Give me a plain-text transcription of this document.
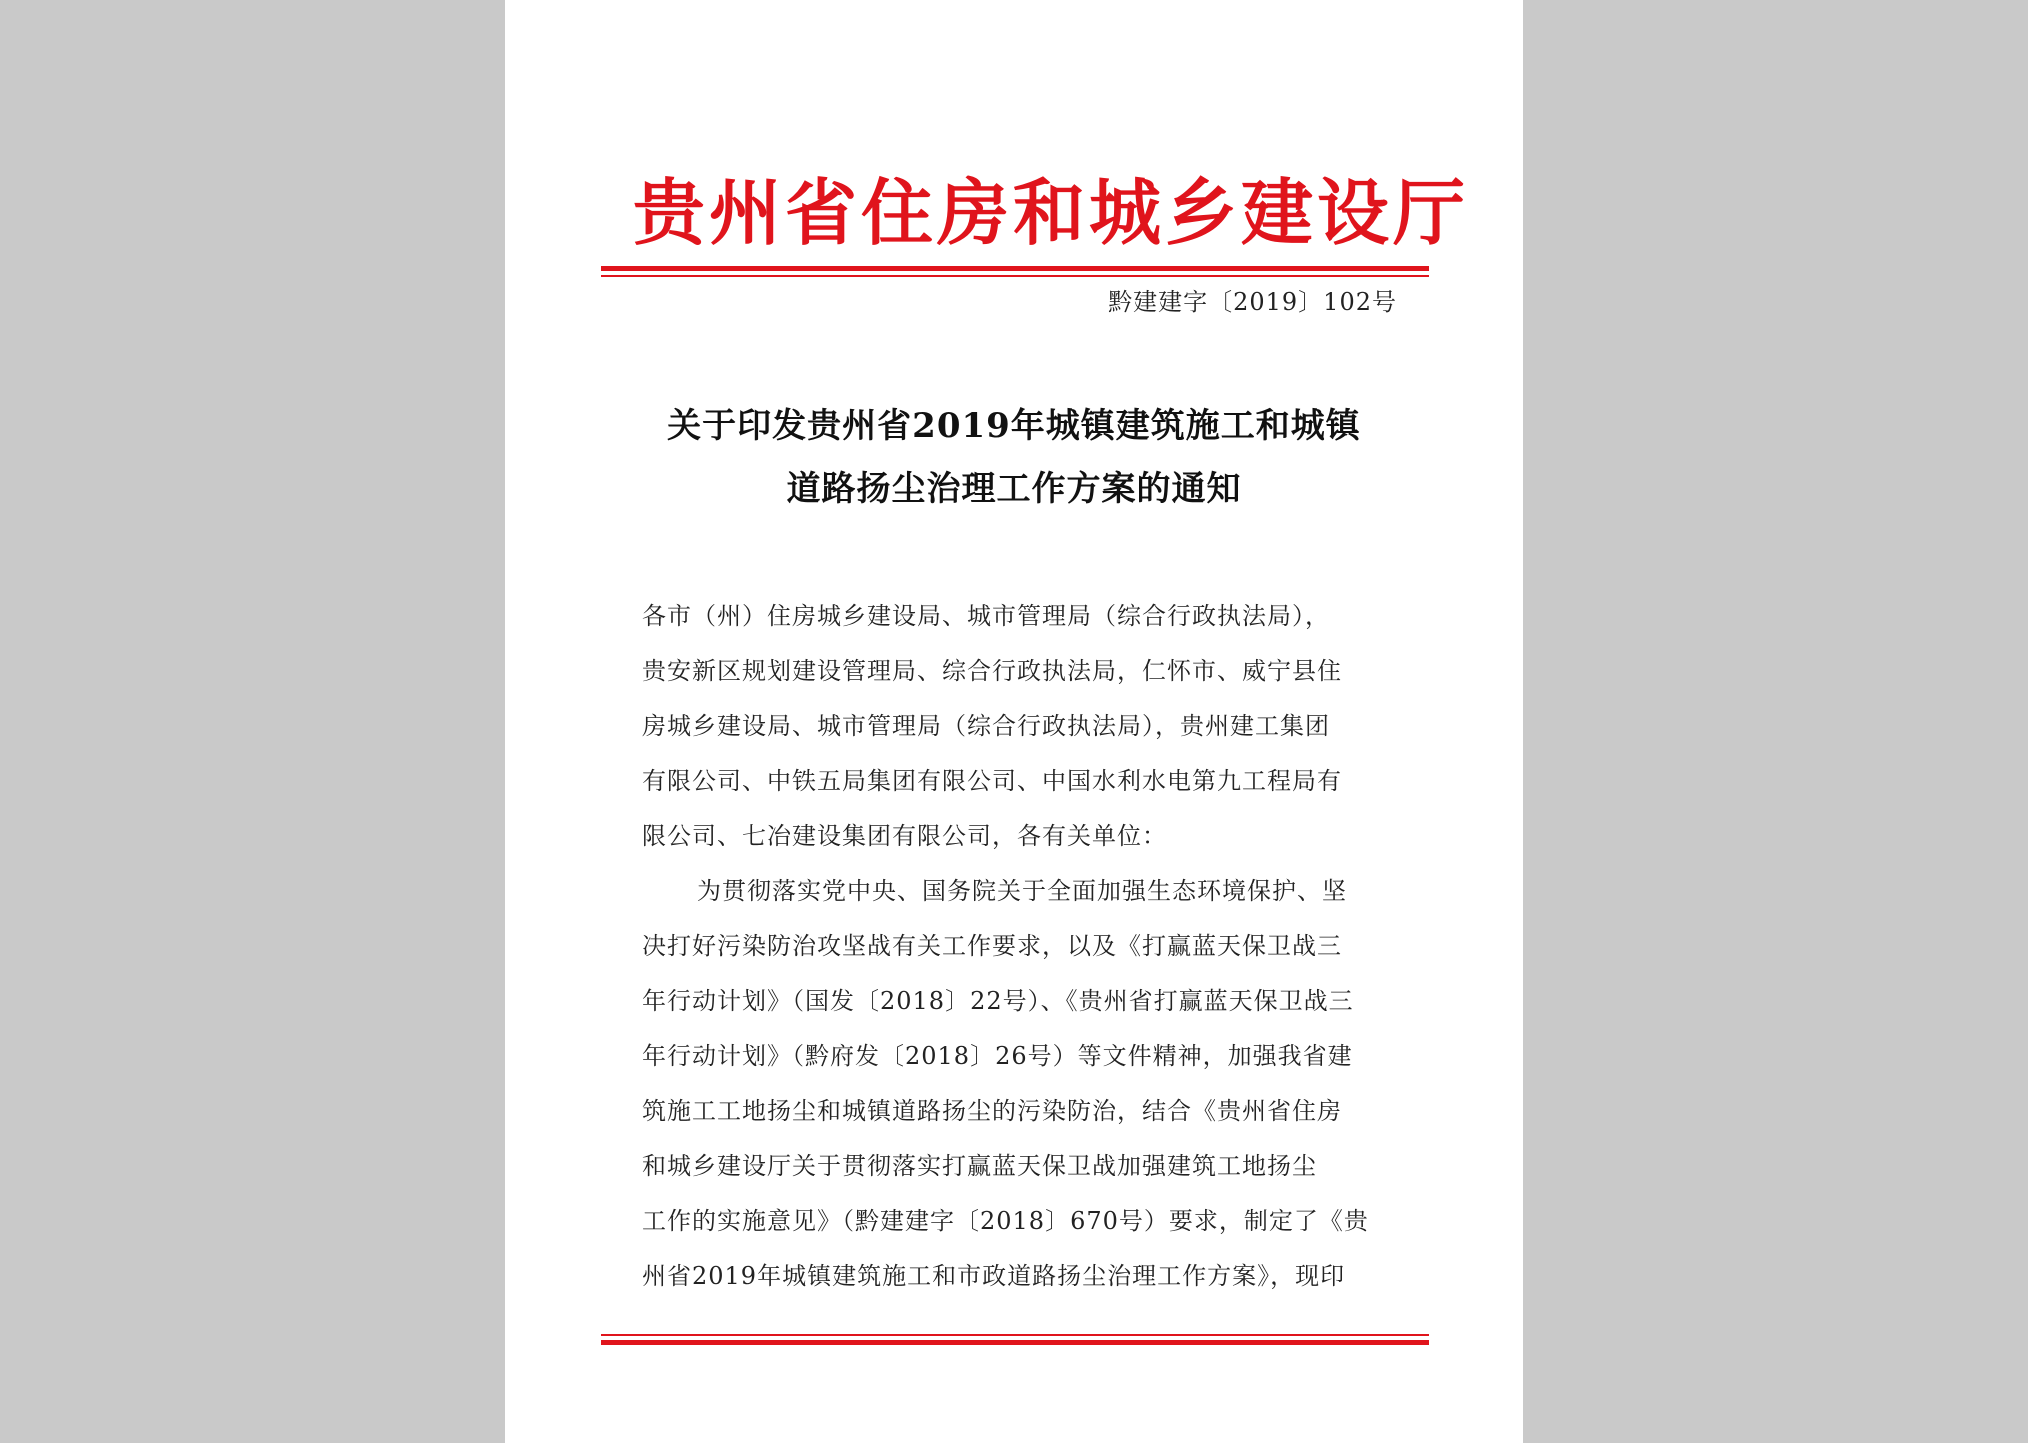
贵州省住房和城乡建设厅
黔建建字〔2019〕102号
关于印发贵州省2019年城镇建筑施工和城镇
道路扬尘治理工作方案的通知
各市（州）住房城乡建设局、城市管理局（综合行政执法局），
贵安新区规划建设管理局、综合行政执法局，仁怀市、威宁县住
房城乡建设局、城市管理局（综合行政执法局），贵州建工集团
有限公司、中铁五局集团有限公司、中国水利水电第九工程局有
限公司、七冶建设集团有限公司，各有关单位：
为贯彻落实党中央、国务院关于全面加强生态环境保护、坚
决打好污染防治攻坚战有关工作要求，以及《打赢蓝天保卫战三
年行动计划》（国发〔2018〕22号）、《贵州省打赢蓝天保卫战三
年行动计划》（黔府发〔2018〕26号）等文件精神，加强我省建
筑施工工地扬尘和城镇道路扬尘的污染防治，结合《贵州省住房
和城乡建设厅关于贯彻落实打赢蓝天保卫战加强建筑工地扬尘
工作的实施意见》（黔建建字〔2018〕670号）要求，制定了《贵
州省2019年城镇建筑施工和市政道路扬尘治理工作方案》，现印
